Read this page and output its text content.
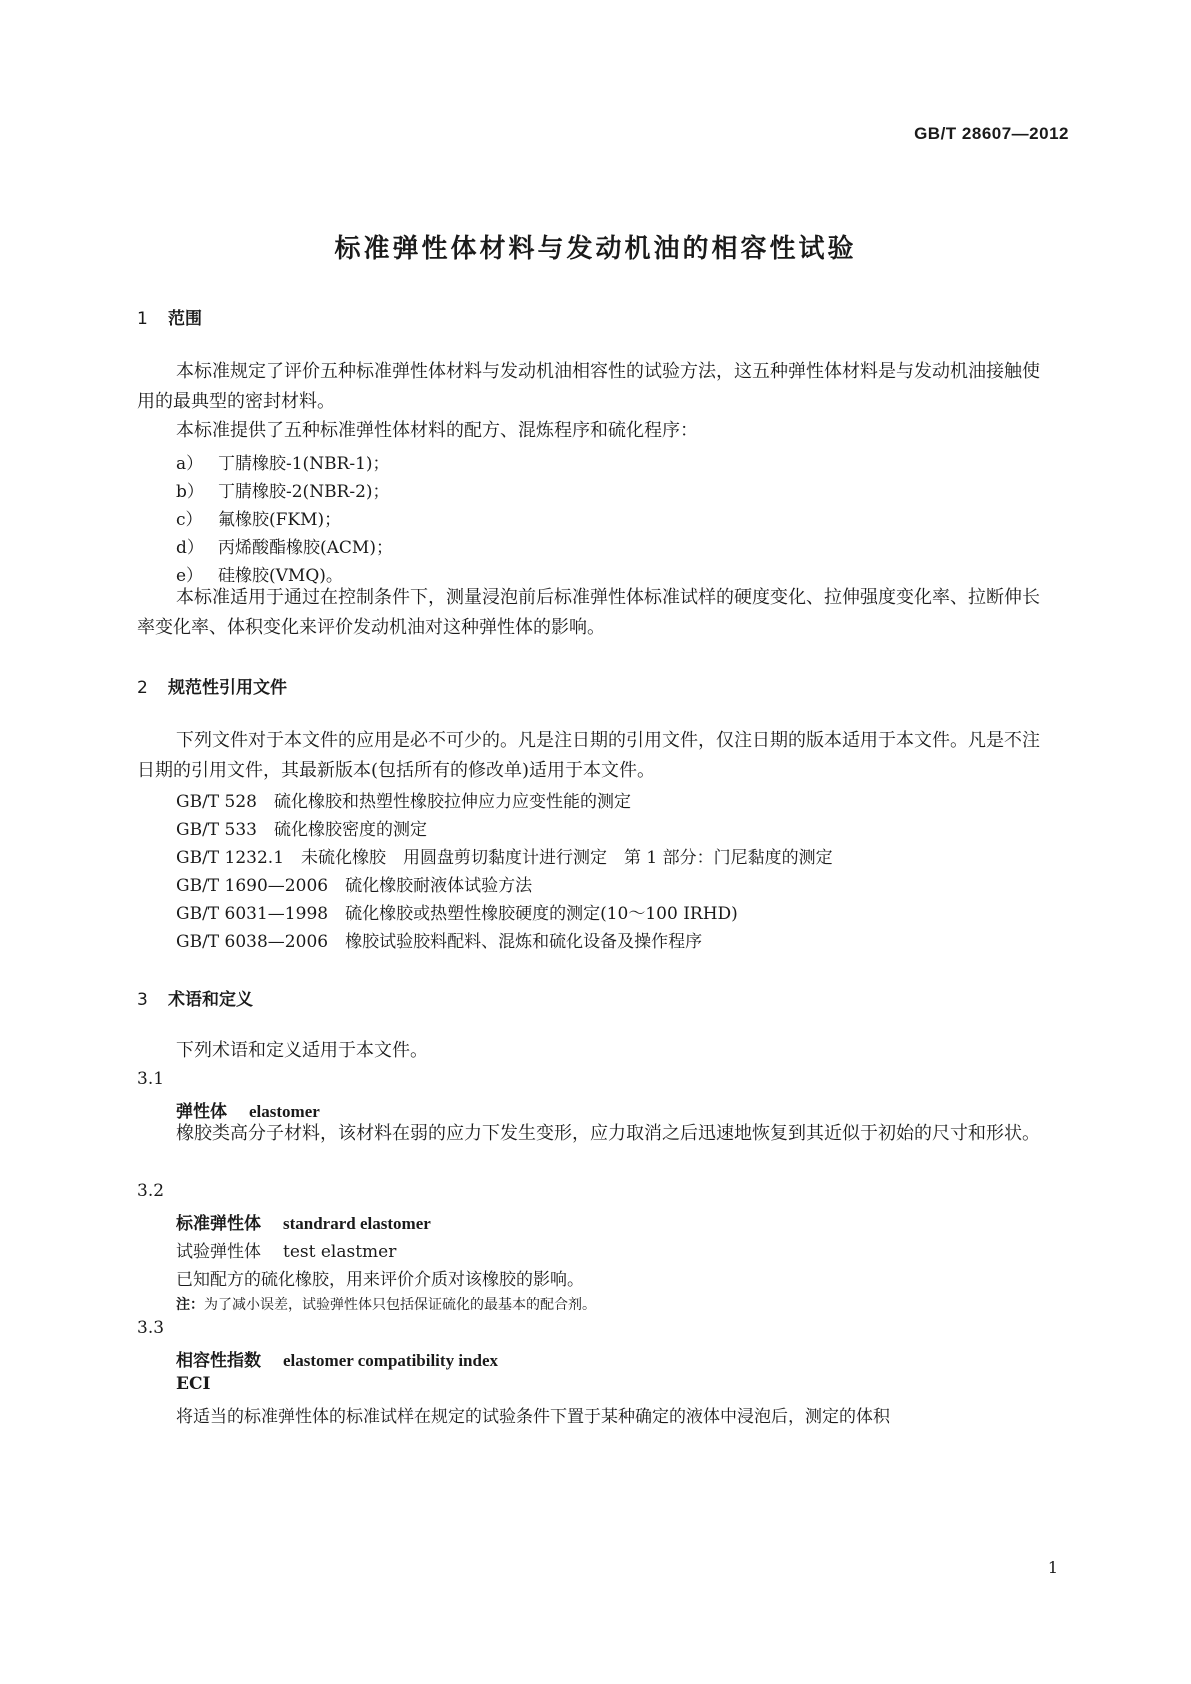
GB/T 28607—2012
标准弹性体材料与发动机油的相容性试验
1 范围
本标准规定了评价五种标准弹性体材料与发动机油相容性的试验方法，这五种弹性体材料是与发动机油接触使用的最典型的密封材料。
本标准提供了五种标准弹性体材料的配方、混炼程序和硫化程序：
a） 丁腈橡胶-1(NBR-1)；
b） 丁腈橡胶-2(NBR-2)；
c） 氟橡胶(FKM)；
d） 丙烯酸酯橡胶(ACM)；
e） 硅橡胶(VMQ)。
本标准适用于通过在控制条件下，测量浸泡前后标准弹性体标准试样的硬度变化、拉伸强度变化率、拉断伸长率变化率、体积变化来评价发动机油对这种弹性体的影响。
2 规范性引用文件
下列文件对于本文件的应用是必不可少的。凡是注日期的引用文件，仅注日期的版本适用于本文件。凡是不注日期的引用文件，其最新版本(包括所有的修改单)适用于本文件。
GB/T 528　 硫化橡胶和热塑性橡胶拉伸应力应变性能的测定
GB/T 533　 硫化橡胶密度的测定
GB/T 1232.1　 未硫化橡胶　用圆盘剪切黏度计进行测定　第 1 部分：门尼黏度的测定
GB/T 1690—2006　 硫化橡胶耐液体试验方法
GB/T 6031—1998　 硫化橡胶或热塑性橡胶硬度的测定(10～100 IRHD)
GB/T 6038—2006　 橡胶试验胶料配料、混炼和硫化设备及操作程序
3 术语和定义
下列术语和定义适用于本文件。
3.1
弹性体 elastomer
橡胶类高分子材料，该材料在弱的应力下发生变形，应力取消之后迅速地恢复到其近似于初始的尺寸和形状。
3.2
标准弹性体 standrard elastomer
试验弹性体 test elastmer
已知配方的硫化橡胶，用来评价介质对该橡胶的影响。
注：为了减小误差，试验弹性体只包括保证硫化的最基本的配合剂。
3.3
相容性指数 elastomer compatibility index
ECI
将适当的标准弹性体的标准试样在规定的试验条件下置于某种确定的液体中浸泡后，测定的体积
1
